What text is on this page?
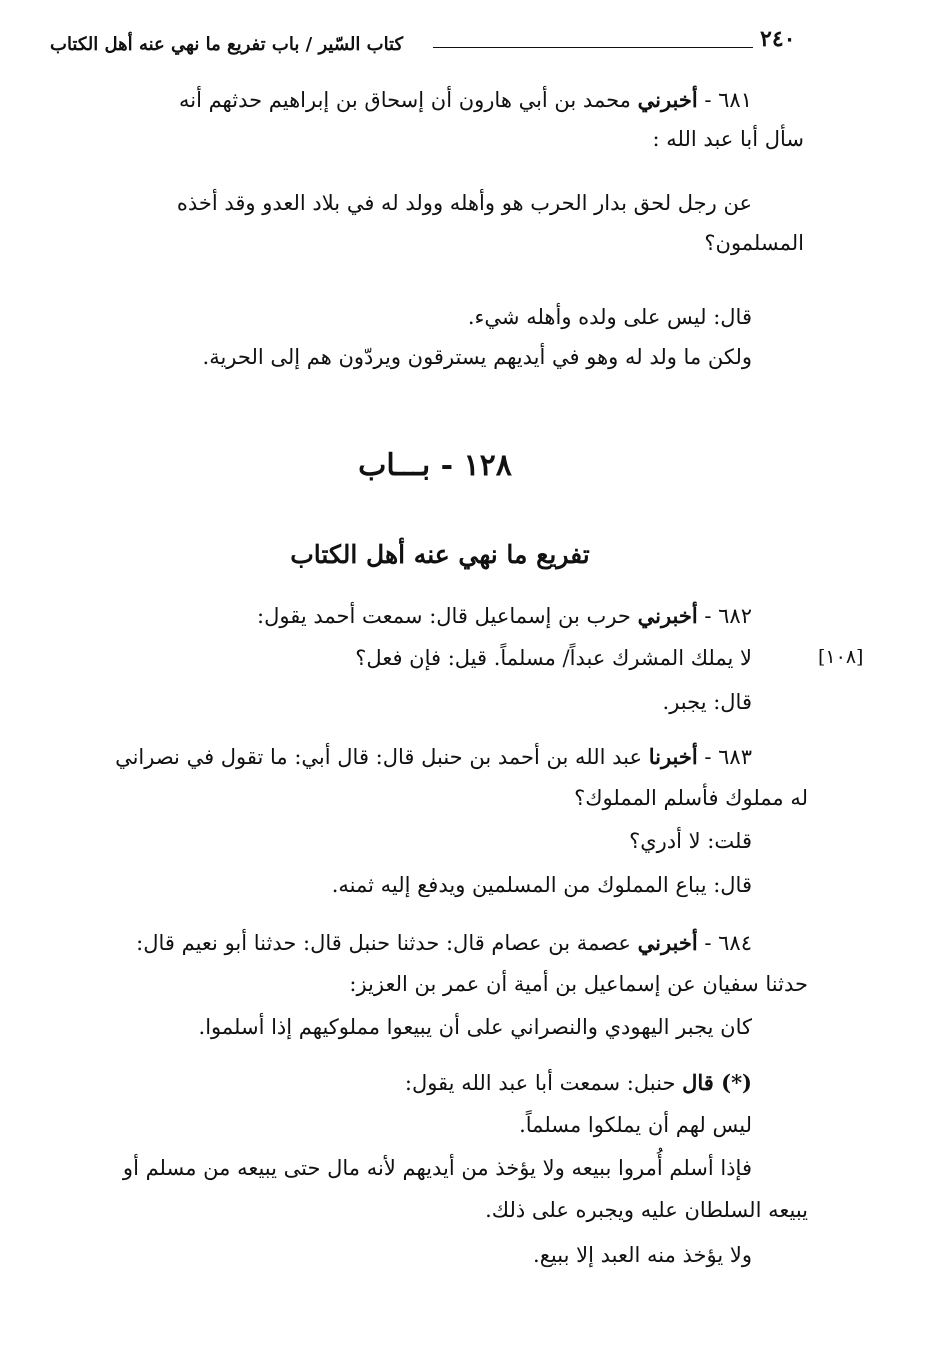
٢٤٠
كتاب السّير / باب تفريع ما نهي عنه أهل الكتاب
٦٨١ - أخبرني محمد بن أبي هارون أن إسحاق بن إبراهيم حدثهم أنه
سأل أبا عبد الله :
عن رجل لحق بدار الحرب هو وأهله وولد له في بلاد العدو وقد أخذه
المسلمون؟
قال: ليس على ولده وأهله شيء.
ولكن ما ولد له وهو في أيديهم يسترقون ويردّون هم إلى الحرية.
١٢٨ - بـــاب
تفريع ما نهي عنه أهل الكتاب
[١٠٨]
٦٨٢ - أخبرني حرب بن إسماعيل قال: سمعت أحمد يقول:
لا يملك المشرك عبداً/ مسلماً. قيل: فإن فعل؟
قال: يجبر.
٦٨٣ - أخبرنا عبد الله بن أحمد بن حنبل قال: قال أبي: ما تقول في نصراني
له مملوك فأسلم المملوك؟
قلت: لا أدري؟
قال: يباع المملوك من المسلمين ويدفع إليه ثمنه.
٦٨٤ - أخبرني عصمة بن عصام قال: حدثنا حنبل قال: حدثنا أبو نعيم قال:
حدثنا سفيان عن إسماعيل بن أمية أن عمر بن العزيز:
كان يجبر اليهودي والنصراني على أن يبيعوا مملوكيهم إذا أسلموا.
(*) قال حنبل: سمعت أبا عبد الله يقول:
ليس لهم أن يملكوا مسلماً.
فإذا أسلم أُمروا ببيعه ولا يؤخذ من أيديهم لأنه مال حتى يبيعه من مسلم أو
يبيعه السلطان عليه ويجبره على ذلك.
ولا يؤخذ منه العبد إلا ببيع.
